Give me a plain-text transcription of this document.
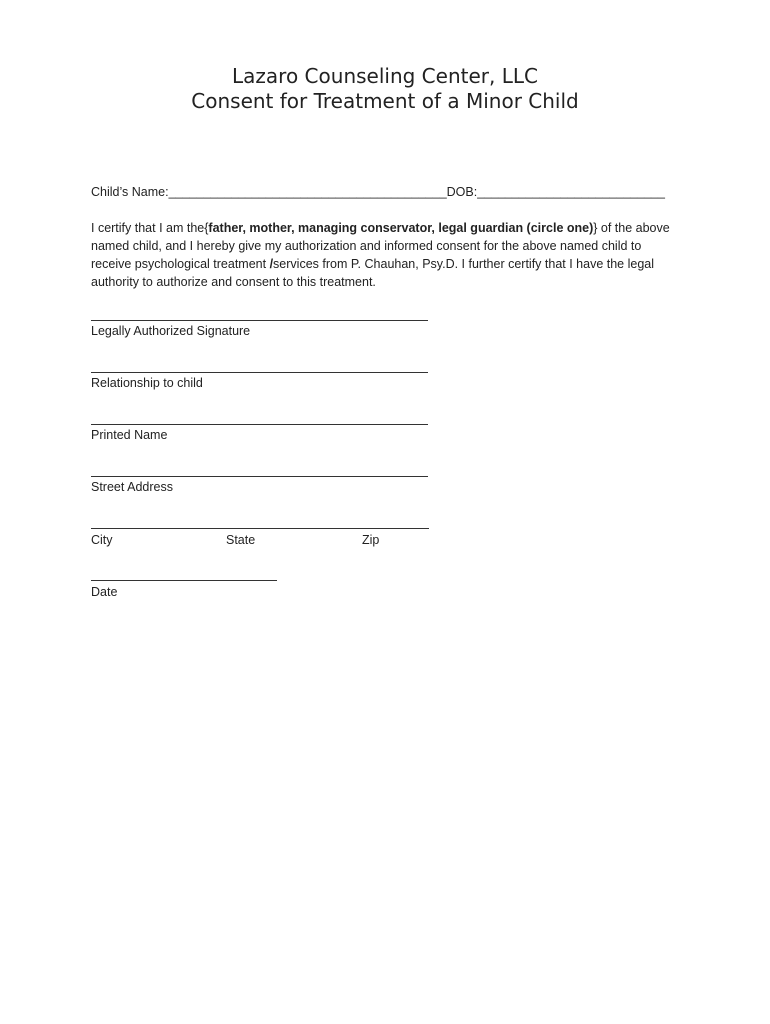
Lazaro Counseling Center, LLC
Consent for Treatment of a Minor Child
Child’s Name:________________________________________DOB:___________________________
I certify that I am the{father, mother, managing conservator, legal guardian (circle one)} of the above named child, and I hereby give my authorization and informed consent for the above named child to receive psychological treatment /services from P. Chauhan, Psy.D. I further certify that I have the legal authority to authorize and consent to this treatment.
Legally Authorized Signature
Relationship to child
Printed Name
Street Address
City	State	Zip
Date
